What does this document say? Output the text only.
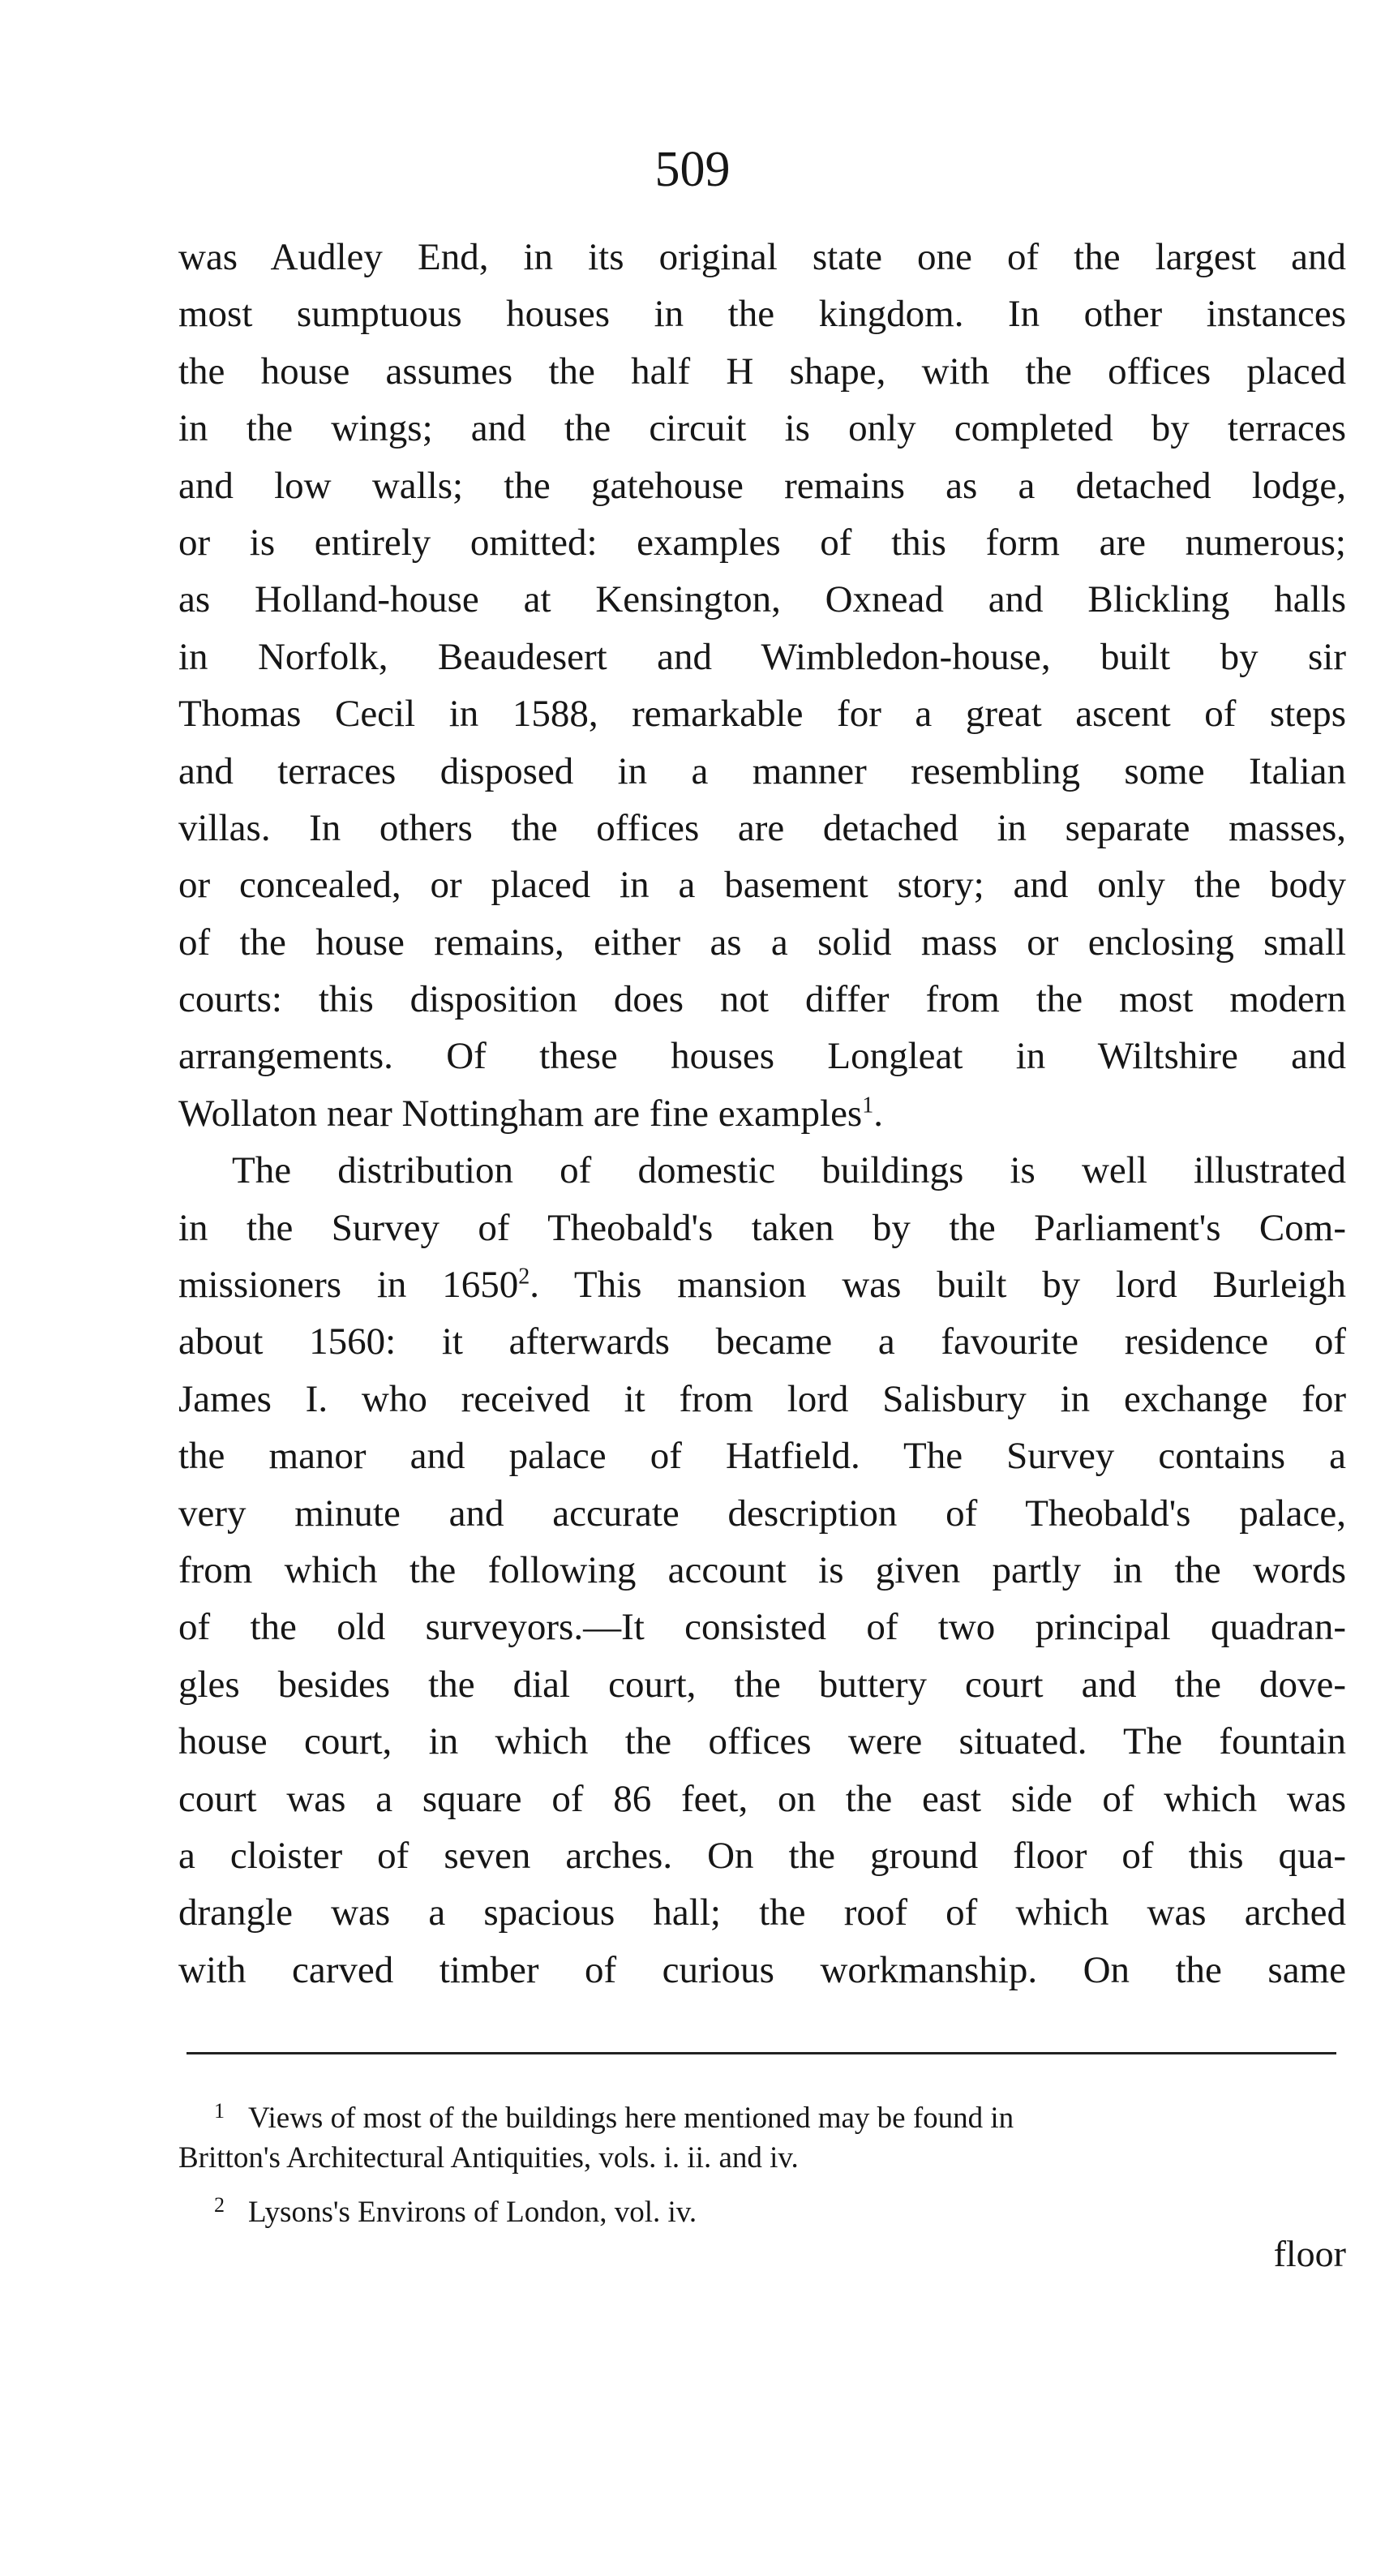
509
was Audley End, in its original state one of the largest and
most sumptuous houses in the kingdom. In other instances
the house assumes the half H shape, with the offices placed
in the wings; and the circuit is only completed by terraces
and low walls; the gatehouse remains as a detached lodge,
or is entirely omitted: examples of this form are numerous;
as Holland-house at Kensington, Oxnead and Blickling halls
in Norfolk, Beaudesert and Wimbledon-house, built by sir
Thomas Cecil in 1588, remarkable for a great ascent of steps
and terraces disposed in a manner resembling some Italian
villas. In others the offices are detached in separate masses,
or concealed, or placed in a basement story; and only the body
of the house remains, either as a solid mass or enclosing small
courts: this disposition does not differ from the most modern
arrangements. Of these houses Longleat in Wiltshire and
Wollaton near Nottingham are fine examples$^1$.
The distribution of domestic buildings is well illustrated
in the Survey of Theobald's taken by the Parliament's Com-
missioners in 1650$^2$. This mansion was built by lord Burleigh
about 1560: it afterwards became a favourite residence of
James I. who received it from lord Salisbury in exchange for
the manor and palace of Hatfield. The Survey contains a
very minute and accurate description of Theobald's palace,
from which the following account is given partly in the words
of the old surveyors.—It consisted of two principal quadran-
gles besides the dial court, the buttery court and the dove-
house court, in which the offices were situated. The fountain
court was a square of 86 feet, on the east side of which was
a cloister of seven arches. On the ground floor of this qua-
drangle was a spacious hall; the roof of which was arched
with carved timber of curious workmanship. On the same
1 Views of most of the buildings here mentioned may be found in
Britton's Architectural Antiquities, vols. i. ii. and iv.
2 Lysons's Environs of London, vol. iv.
floor
